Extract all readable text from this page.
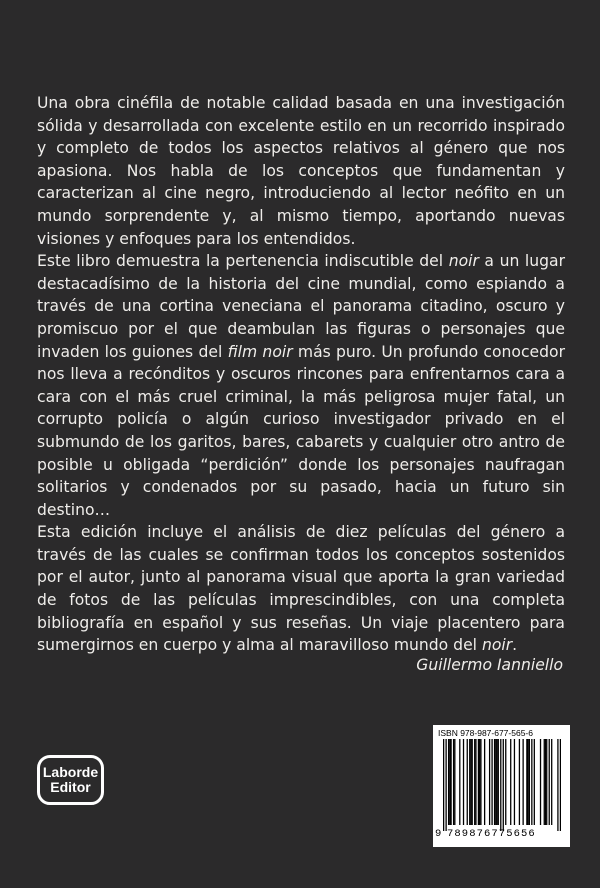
Una obra cinéfila de notable calidad basada en una investigación sólida y desarrollada con excelente estilo en un recorrido inspirado y completo de todos los aspectos relativos al género que nos apasiona. Nos habla de los conceptos que fundamentan y caracterizan al cine negro, introduciendo al lector neófito en un mundo sorprendente y, al mismo tiempo, aportando nuevas visiones y enfoques para los entendidos.

Este libro demuestra la pertenencia indiscutible del noir a un lugar destacadísimo de la historia del cine mundial, como espiando a través de una cortina veneciana el panorama citadino, oscuro y promiscuo por el que deambulan las figuras o personajes que invaden los guiones del film noir más puro. Un profundo conocedor nos lleva a recónditos y oscuros rincones para enfrentarnos cara a cara con el más cruel criminal, la más peligrosa mujer fatal, un corrupto policía o algún curioso investigador privado en el submundo de los garitos, bares, cabarets y cualquier otro antro de posible u obligada “perdición” donde los personajes naufragan solitarios y condenados por su pasado, hacia un futuro sin destino…

Esta edición incluye el análisis de diez películas del género a través de las cuales se confirman todos los conceptos sostenidos por el autor, junto al panorama visual que aporta la gran variedad de fotos de las películas imprescindibles, con una completa bibliografía en español y sus reseñas. Un viaje placentero para sumergirnos en cuerpo y alma al maravilloso mundo del noir.

Guillermo Ianniello
Laborde
Editor
ISBN 978-987-677-565-6
9 789876775656
